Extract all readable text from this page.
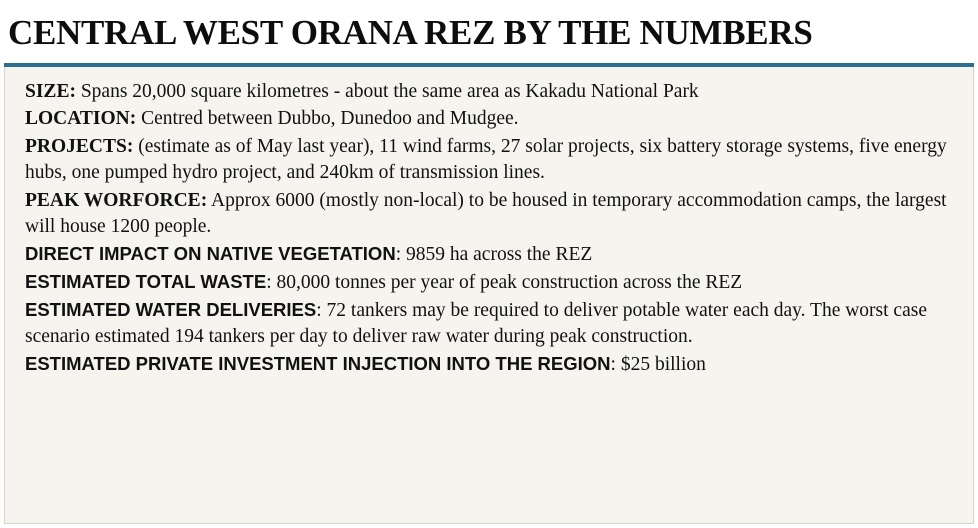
CENTRAL WEST ORANA REZ BY THE NUMBERS

SIZE: Spans 20,000 square kilometres - about the same area as Kakadu National Park

LOCATION: Centred between Dubbo, Dunedoo and Mudgee.

PROJECTS: (estimate as of May last year), 11 wind farms, 27 solar projects, six battery storage systems, five energy hubs, one pumped hydro project, and 240km of transmission lines.

PEAK WORFORCE: Approx 6000 (mostly non-local) to be housed in temporary accommodation camps, the largest will house 1200 people.

DIRECT IMPACT ON NATIVE VEGETATION: 9859 ha across the REZ

ESTIMATED TOTAL WASTE: 80,000 tonnes per year of peak construction across the REZ

ESTIMATED WATER DELIVERIES: 72 tankers may be required to deliver potable water each day. The worst case scenario estimated 194 tankers per day to deliver raw water during peak construction.

ESTIMATED PRIVATE INVESTMENT INJECTION INTO THE REGION: $25 billion
